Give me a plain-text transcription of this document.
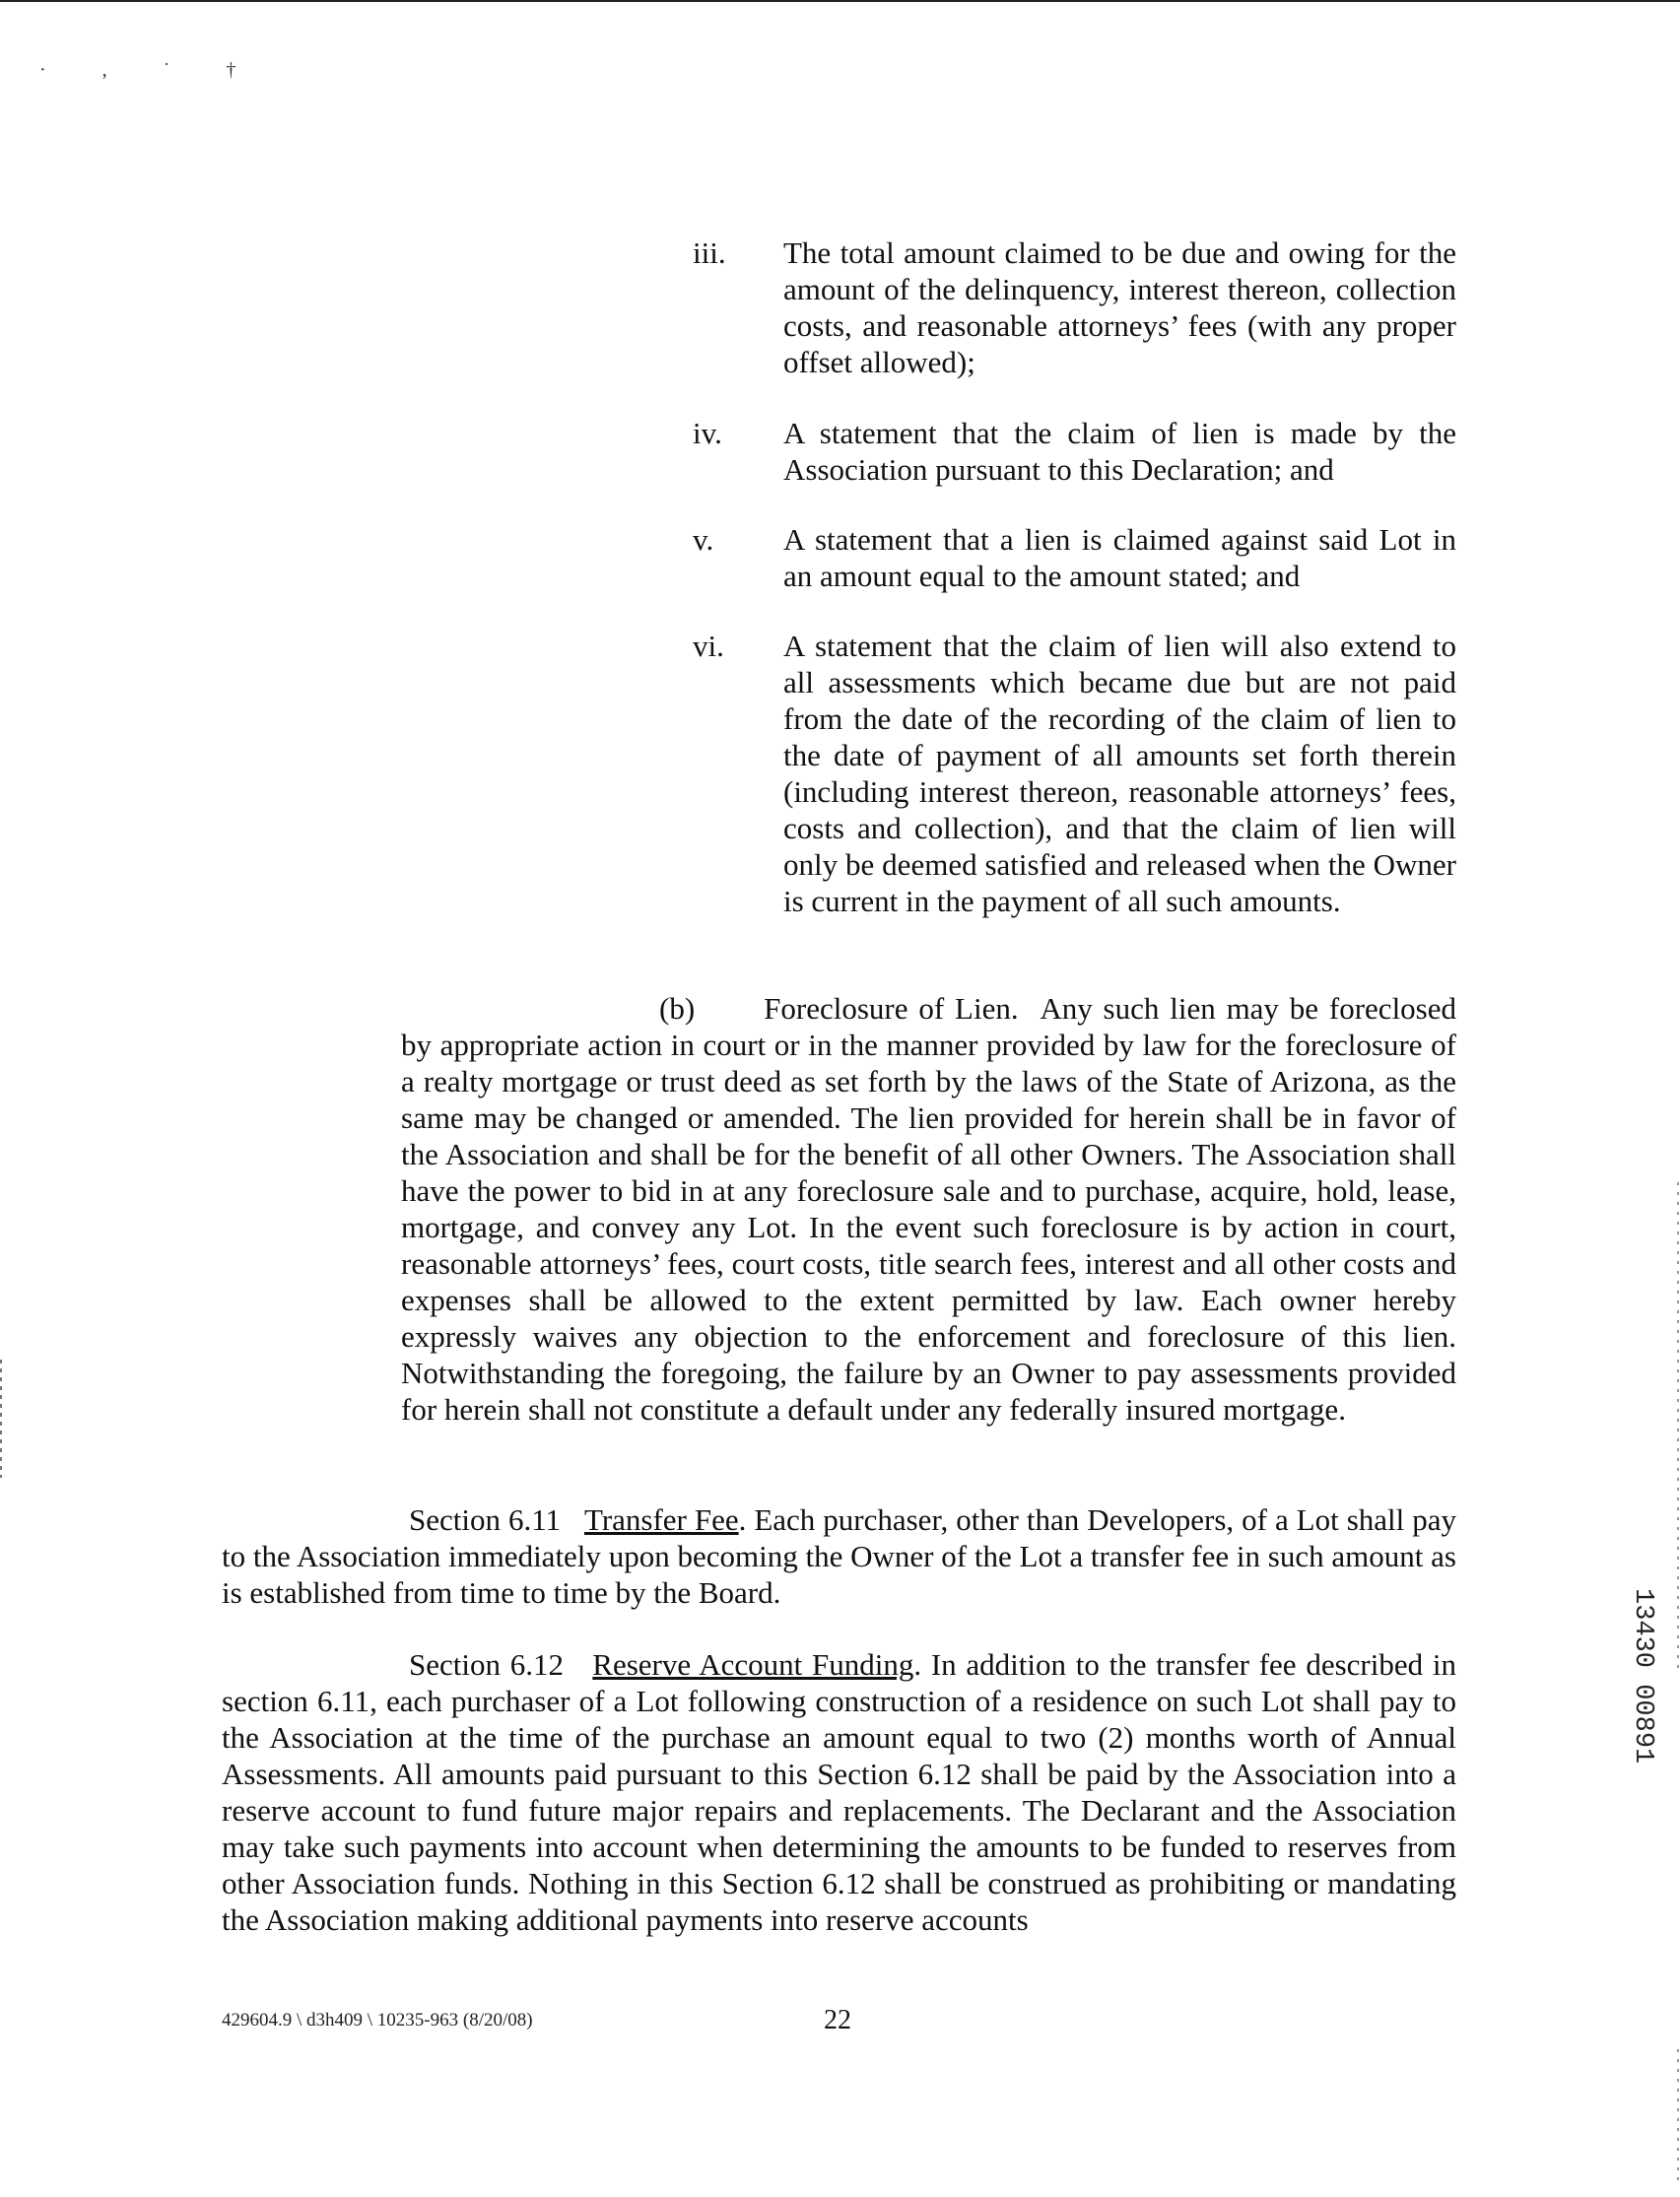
· , ˙ †
iii.	The total amount claimed to be due and owing for the amount of the delinquency, interest thereon, collection costs, and reasonable attorneys’ fees (with any proper offset allowed);
iv.	A statement that the claim of lien is made by the Association pursuant to this Declaration; and
v.	A statement that a lien is claimed against said Lot in an amount equal to the amount stated; and
vi.	A statement that the claim of lien will also extend to all assessments which became due but are not paid from the date of the recording of the claim of lien to the date of payment of all amounts set forth therein (including interest thereon, reasonable attorneys’ fees, costs and collection), and that the claim of lien will only be deemed satisfied and released when the Owner is current in the payment of all such amounts.
(b) Foreclosure of Lien. Any such lien may be foreclosed by appropriate action in court or in the manner provided by law for the foreclosure of a realty mortgage or trust deed as set forth by the laws of the State of Arizona, as the same may be changed or amended. The lien provided for herein shall be in favor of the Association and shall be for the benefit of all other Owners. The Association shall have the power to bid in at any foreclosure sale and to purchase, acquire, hold, lease, mortgage, and convey any Lot. In the event such foreclosure is by action in court, reasonable attorneys’ fees, court costs, title search fees, interest and all other costs and expenses shall be allowed to the extent permitted by law. Each owner hereby expressly waives any objection to the enforcement and foreclosure of this lien. Notwithstanding the foregoing, the failure by an Owner to pay assessments provided for herein shall not constitute a default under any federally insured mortgage.
Section 6.11 Transfer Fee. Each purchaser, other than Developers, of a Lot shall pay to the Association immediately upon becoming the Owner of the Lot a transfer fee in such amount as is established from time to time by the Board.
Section 6.12 Reserve Account Funding. In addition to the transfer fee described in section 6.11, each purchaser of a Lot following construction of a residence on such Lot shall pay to the Association at the time of the purchase an amount equal to two (2) months worth of Annual Assessments. All amounts paid pursuant to this Section 6.12 shall be paid by the Association into a reserve account to fund future major repairs and replacements. The Declarant and the Association may take such payments into account when determining the amounts to be funded to reserves from other Association funds. Nothing in this Section 6.12 shall be construed as prohibiting or mandating the Association making additional payments into reserve accounts
429604.9 \ d3h409 \ 10235-963 (8/20/08)	22
13430 00891
